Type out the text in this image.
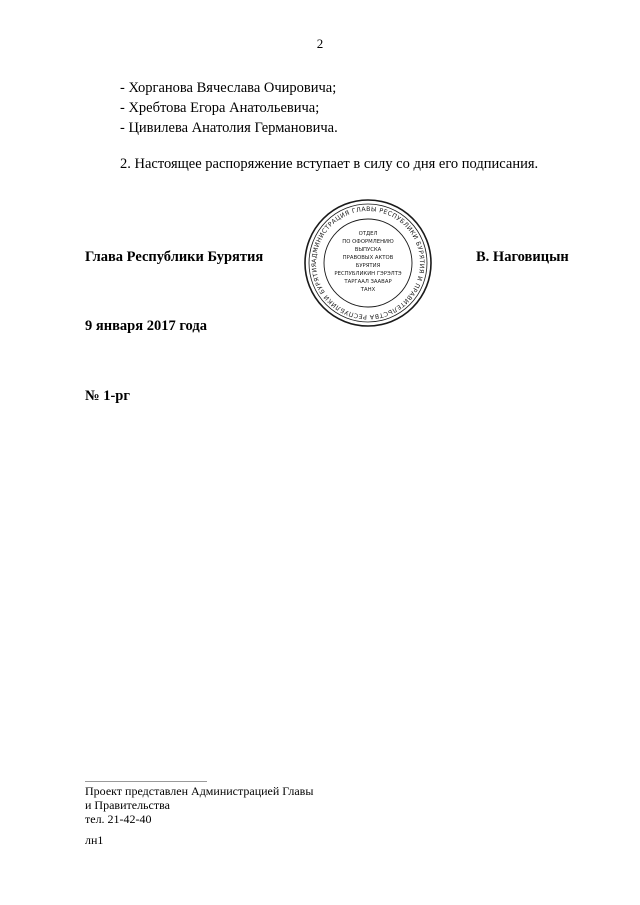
2
- Хорганова Вячеслава Очировича;
- Хребтова Егора Анатольевича;
- Цивилева Анатолия Германовича.
2. Настоящее распоряжение вступает в силу со дня его подписания.
Глава Республики Бурятия	В. Наговицын
АДМИНИСТРАЦИЯ ГЛАВЫ РЕСПУБЛИКИ БУРЯТИЯ И ПРАВИТЕЛЬСТВА РЕСПУБЛИКИ БУРЯТИЯ
ОТДЕЛ
ПО ОФОРМЛЕНИЮ
ВЫПУСКА
ПРАВОВЫХ АКТОВ
БУРЯТИЯ
РЕСПУБЛИКИН ГЭРЭЛТЭ
ТАРГААЛ ЗААВАР
ТАНХ
9 января 2017 года
№ 1-рг
Проект представлен Администрацией Главы
и Правительства
тел. 21-42-40
лн1
